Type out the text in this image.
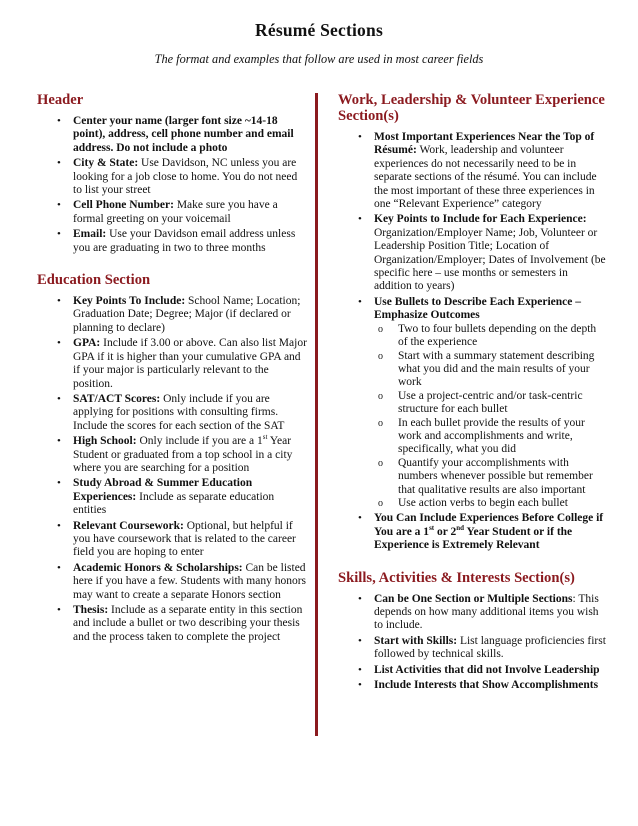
Résumé Sections
The format and examples that follow are used in most career fields
Header
• Center your name (larger font size ~14-18 point), address, cell phone number and email address. Do not include a photo
• City & State: Use Davidson, NC unless you are looking for a job close to home. You do not need to list your street
• Cell Phone Number: Make sure you have a formal greeting on your voicemail
• Email: Use your Davidson email address unless you are graduating in two to three months
Education Section
• Key Points To Include: School Name; Location; Graduation Date; Degree; Major (if declared or planning to declare)
• GPA: Include if 3.00 or above. Can also list Major GPA if it is higher than your cumulative GPA and if your major is particularly relevant to the position.
• SAT/ACT Scores: Only include if you are applying for positions with consulting firms. Include the scores for each section of the SAT
• High School: Only include if you are a 1st Year Student or graduated from a top school in a city where you are searching for a position
• Study Abroad & Summer Education Experiences: Include as separate education entities
• Relevant Coursework: Optional, but helpful if you have coursework that is related to the career field you are hoping to enter
• Academic Honors & Scholarships: Can be listed here if you have a few. Students with many honors may want to create a separate Honors section
• Thesis: Include as a separate entity in this section and include a bullet or two describing your thesis and the process taken to complete the project
Work, Leadership & Volunteer Experience Section(s)
• Most Important Experiences Near the Top of Résumé: Work, leadership and volunteer experiences do not necessarily need to be in separate sections of the résumé. You can include the most important of these three experiences in one “Relevant Experience” category
• Key Points to Include for Each Experience: Organization/Employer Name; Job, Volunteer or Leadership Position Title; Location of Organization/Employer; Dates of Involvement (be specific here – use months or semesters in addition to years)
• Use Bullets to Describe Each Experience – Emphasize Outcomes
o Two to four bullets depending on the depth of the experience
o Start with a summary statement describing what you did and the main results of your work
o Use a project-centric and/or task-centric structure for each bullet
o In each bullet provide the results of your work and accomplishments and write, specifically, what you did
o Quantify your accomplishments with numbers whenever possible but remember that qualitative results are also important
o Use action verbs to begin each bullet
• You Can Include Experiences Before College if You are a 1st or 2nd Year Student or if the Experience is Extremely Relevant
Skills, Activities & Interests Section(s)
• Can be One Section or Multiple Sections: This depends on how many additional items you wish to include.
• Start with Skills: List language proficiencies first followed by technical skills.
• List Activities that did not Involve Leadership
• Include Interests that Show Accomplishments
